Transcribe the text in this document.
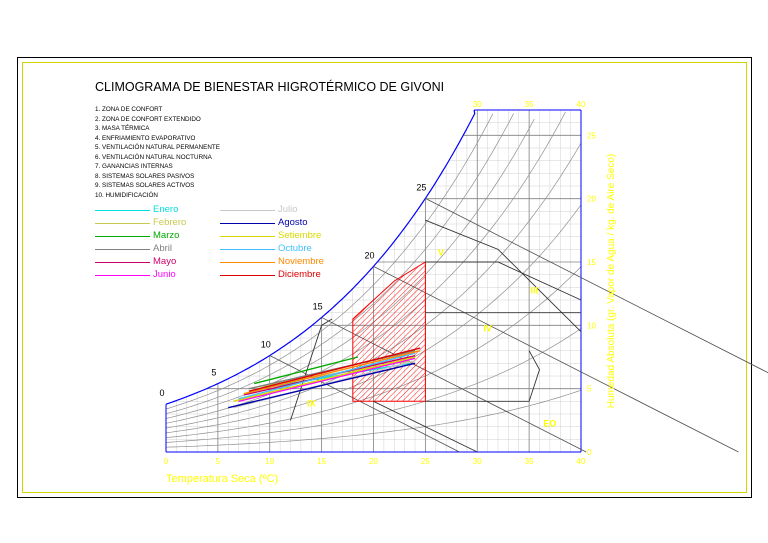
0	5	10	15	20	25	30	35	40
0
5
10
15
20
25
30	35	40
0
5
10
15
20
25
Temperatura Seca (ºC)
Humedad Absoluta (gr. Vapor de Agua / kg. de Aire Seco)
V
IV
III
IX
EO
CLIMOGRAMA DE BIENESTAR HIGROTÉRMICO DE GIVONI
1. ZONA DE CONFORT
2. ZONA DE CONFORT EXTENDIDO
3. MASA TÉRMICA
4. ENFRIAMIENTO EVAPORATIVO
5. VENTILACIÓN NATURAL PERMANENTE
6. VENTILACIÓN NATURAL NOCTURNA
7. GANANCIAS INTERNAS
8. SISTEMAS SOLARES PASIVOS
9. SISTEMAS SOLARES ACTIVOS
10. HUMIDIFICACIÓN
Enero
Febrero
Marzo
Abril
Mayo
Junio
Julio
Agosto
Setiembre
Octubre
Noviembre
Diciembre
